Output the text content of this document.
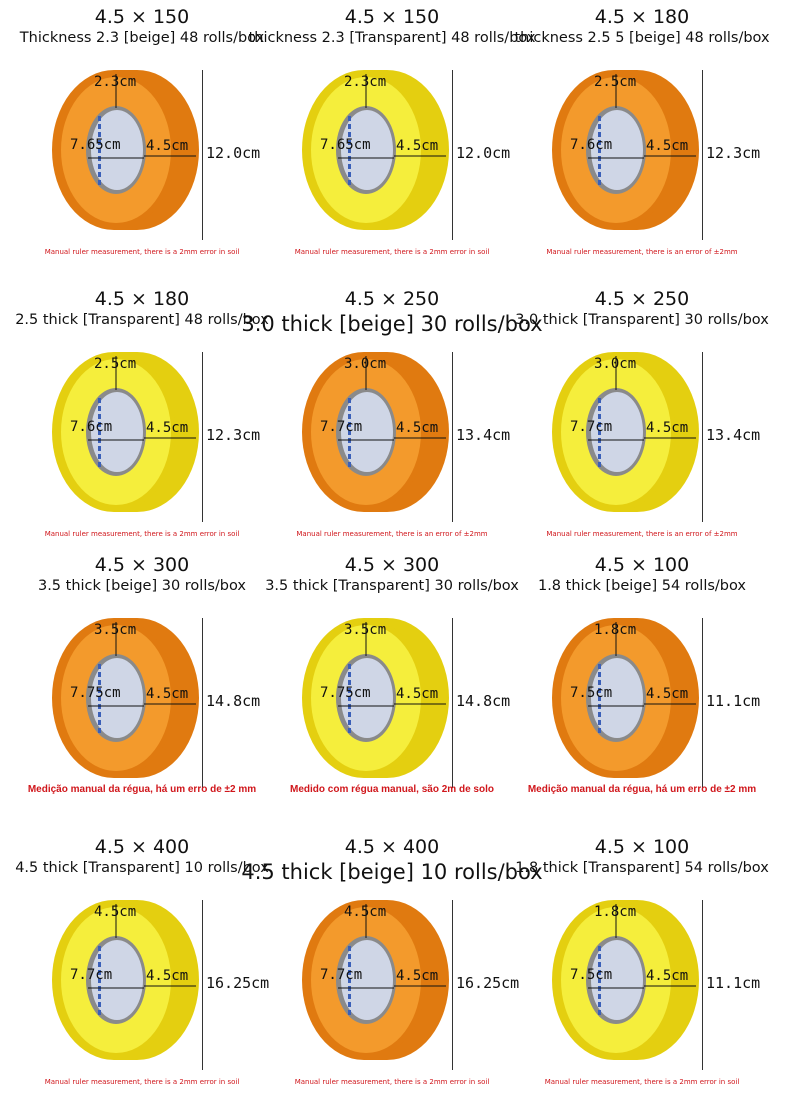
4.5 × 150
Thickness 2.3 [beige] 48 rolls/box
2.3cm
7.65cm 4.5cm 12.0cm
Manual ruler measurement, there is a 2mm error in soil
4.5 × 150
thickness 2.3 [Transparent] 48 rolls/box
2.3cm
7.65cm 4.5cm 12.0cm
Manual ruler measurement, there is a 2mm error in soil
4.5 × 180
thickness 2.5 5 [beige] 48 rolls/box
2.5cm
7.6cm 4.5cm 12.3cm
Manual ruler measurement, there is an error of ±2mm
4.5 × 180
2.5 thick [Transparent] 48 rolls/box
2.5cm
7.6cm 4.5cm 12.3cm
Manual ruler measurement, there is a 2mm error in soil
4.5 × 250
3.0 thick [beige] 30 rolls/box
3.0cm
7.7cm 4.5cm 13.4cm
Manual ruler measurement, there is an error of ±2mm
4.5 × 250
3.0 thick [Transparent] 30 rolls/box
3.0cm
7.7cm 4.5cm 13.4cm
Manual ruler measurement, there is an error of ±2mm
4.5 × 300
3.5 thick [beige] 30 rolls/box
3.5cm
7.75cm 4.5cm 14.8cm
Medição manual da régua, há um erro de ±2 mm
4.5 × 300
3.5 thick [Transparent] 30 rolls/box
3.5cm
7.75cm 4.5cm 14.8cm
Medido com régua manual, são 2m de solo
4.5 × 100
1.8 thick [beige] 54 rolls/box
1.8cm
7.5cm 4.5cm 11.1cm
Medição manual da régua, há um erro de ±2 mm
4.5 × 400
4.5 thick [Transparent] 10 rolls/box
4.5cm
7.7cm 4.5cm 16.25cm
Manual ruler measurement, there is a 2mm error in soil
4.5 × 400
4.5 thick [beige] 10 rolls/box
4.5cm
7.7cm 4.5cm 16.25cm
Manual ruler measurement, there is a 2mm error in soil
4.5 × 100
1.8 thick [Transparent] 54 rolls/box
1.8cm
7.5cm 4.5cm 11.1cm
Manual ruler measurement, there is a 2mm error in soil
